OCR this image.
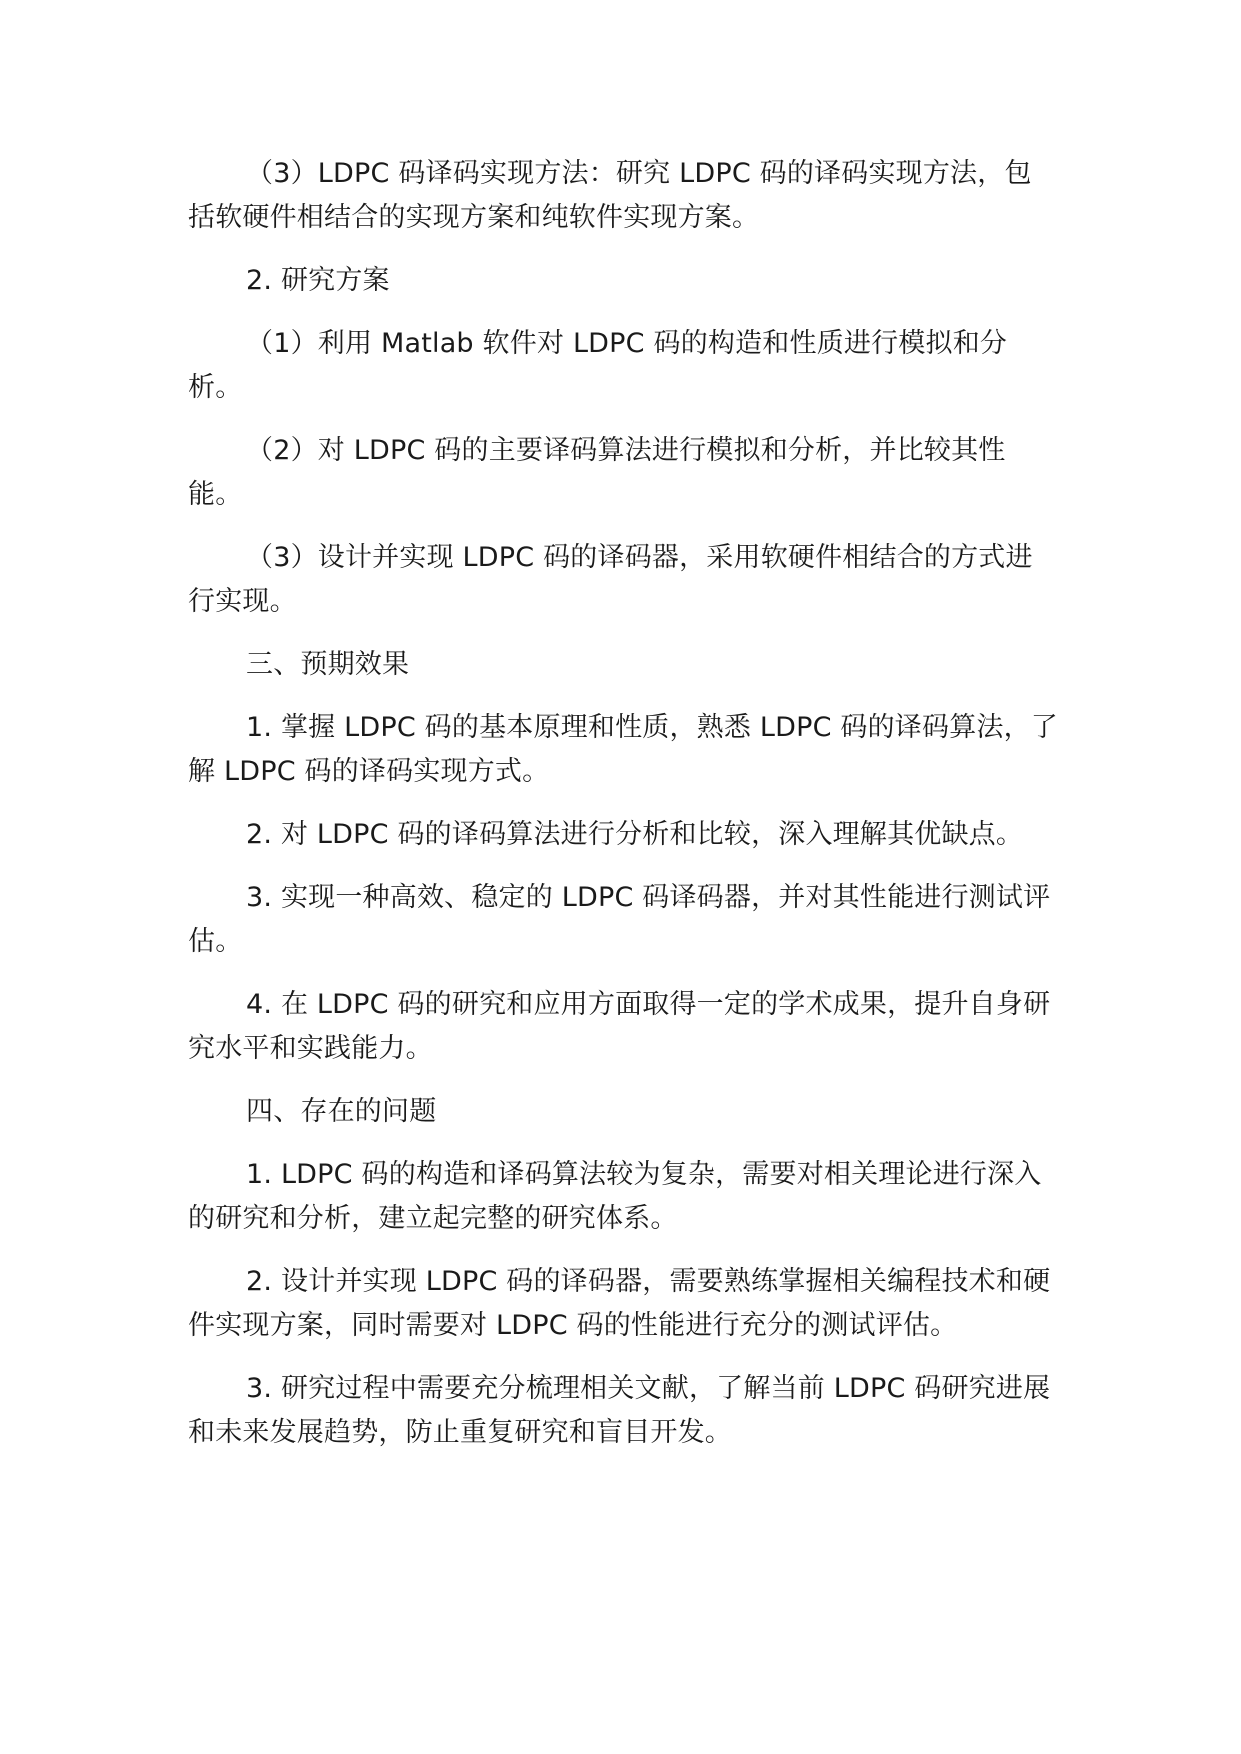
（3）LDPC 码译码实现方法：研究 LDPC 码的译码实现方法，包括软硬件相结合的实现方案和纯软件实现方案。

2. 研究方案

（1）利用 Matlab 软件对 LDPC 码的构造和性质进行模拟和分析。

（2）对 LDPC 码的主要译码算法进行模拟和分析，并比较其性能。

（3）设计并实现 LDPC 码的译码器，采用软硬件相结合的方式进行实现。

三、预期效果

1. 掌握 LDPC 码的基本原理和性质，熟悉 LDPC 码的译码算法，了解 LDPC 码的译码实现方式。

2. 对 LDPC 码的译码算法进行分析和比较，深入理解其优缺点。

3. 实现一种高效、稳定的 LDPC 码译码器，并对其性能进行测试评估。

4. 在 LDPC 码的研究和应用方面取得一定的学术成果，提升自身研究水平和实践能力。

四、存在的问题

1. LDPC 码的构造和译码算法较为复杂，需要对相关理论进行深入的研究和分析，建立起完整的研究体系。

2. 设计并实现 LDPC 码的译码器，需要熟练掌握相关编程技术和硬件实现方案，同时需要对 LDPC 码的性能进行充分的测试评估。

3. 研究过程中需要充分梳理相关文献，了解当前 LDPC 码研究进展和未来发展趋势，防止重复研究和盲目开发。
